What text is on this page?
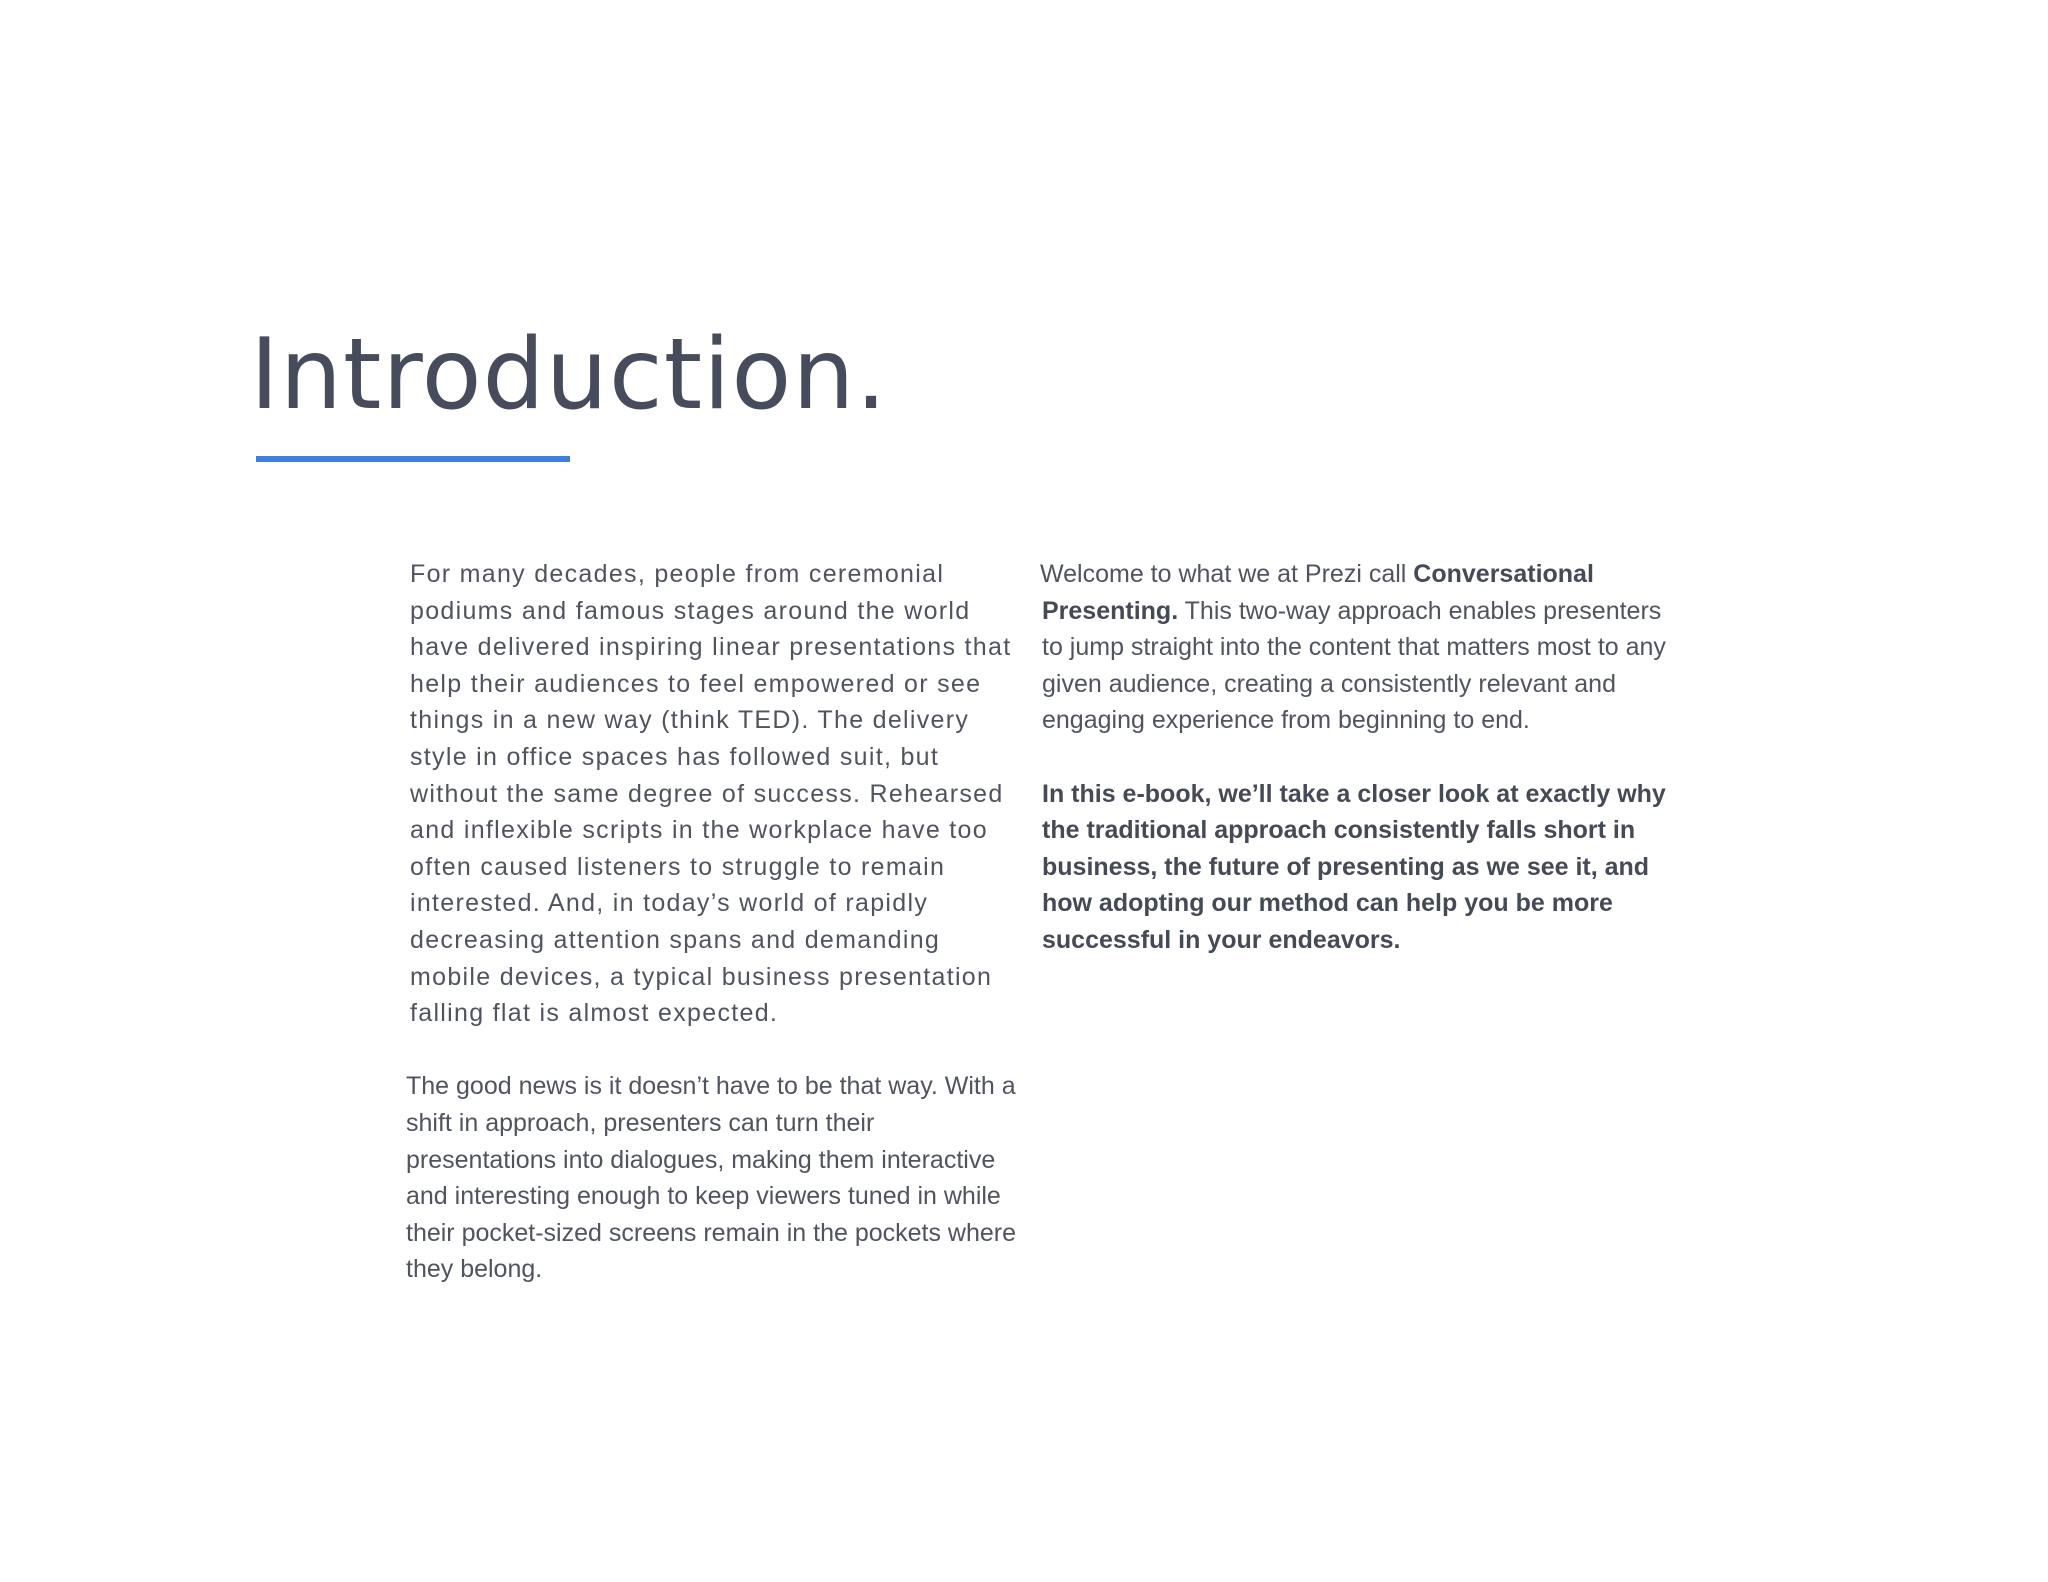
Introduction.

For many decades, people from ceremonial podiums and famous stages around the world have delivered inspiring linear presentations that help their audiences to feel empowered or see things in a new way (think TED). The delivery style in office spaces has followed suit, but without the same degree of success. Rehearsed and inflexible scripts in the workplace have too often caused listeners to struggle to remain interested. And, in today’s world of rapidly decreasing attention spans and demanding mobile devices, a typical business presentation falling flat is almost expected.

The good news is it doesn’t have to be that way. With a shift in approach, presenters can turn their presentations into dialogues, making them interactive and interesting enough to keep viewers tuned in while their pocket-sized screens remain in the pockets where they belong.

Welcome to what we at Prezi call Conversational Presenting. This two-way approach enables presenters to jump straight into the content that matters most to any given audience, creating a consistently relevant and engaging experience from beginning to end.

In this e-book, we’ll take a closer look at exactly why the traditional approach consistently falls short in business, the future of presenting as we see it, and how adopting our method can help you be more successful in your endeavors.
